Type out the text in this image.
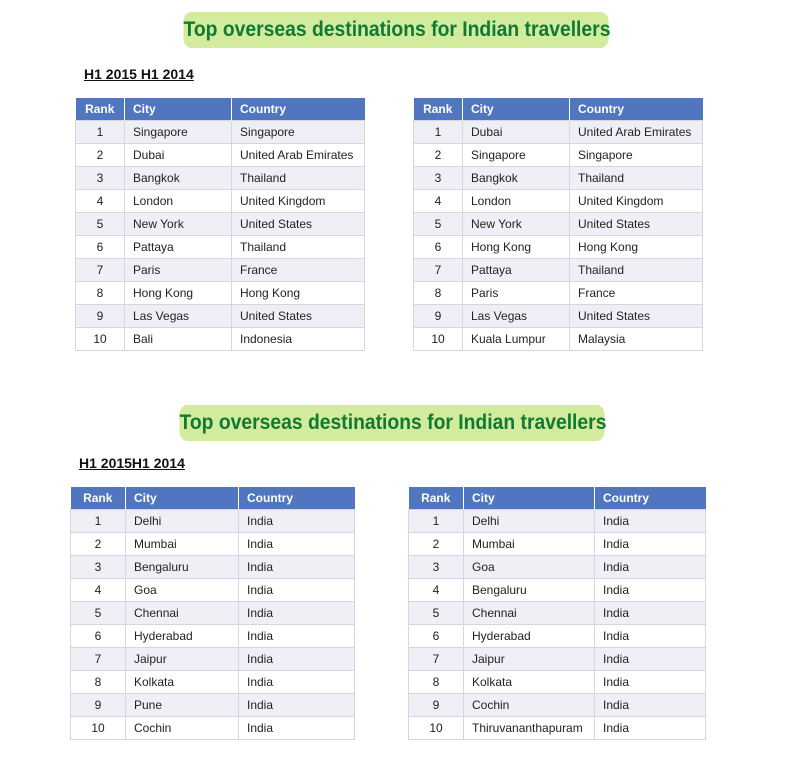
Top overseas destinations for Indian travellers
H1 2015 H1 2014
Rank	City	Country
1	Singapore	Singapore
2	Dubai	United Arab Emirates
3	Bangkok	Thailand
4	London	United Kingdom
5	New York	United States
6	Pattaya	Thailand
7	Paris	France
8	Hong Kong	Hong Kong
9	Las Vegas	United States
10	Bali	Indonesia
Rank	City	Country
1	Dubai	United Arab Emirates
2	Singapore	Singapore
3	Bangkok	Thailand
4	London	United Kingdom
5	New York	United States
6	Hong Kong	Hong Kong
7	Pattaya	Thailand
8	Paris	France
9	Las Vegas	United States
10	Kuala Lumpur	Malaysia
Top overseas destinations for Indian travellers
H1 2015H1 2014
Rank	City	Country
1	Delhi	India
2	Mumbai	India
3	Bengaluru	India
4	Goa	India
5	Chennai	India
6	Hyderabad	India
7	Jaipur	India
8	Kolkata	India
9	Pune	India
10	Cochin	India
Rank	City	Country
1	Delhi	India
2	Mumbai	India
3	Goa	India
4	Bengaluru	India
5	Chennai	India
6	Hyderabad	India
7	Jaipur	India
8	Kolkata	India
9	Cochin	India
10	Thiruvananthapuram	India
